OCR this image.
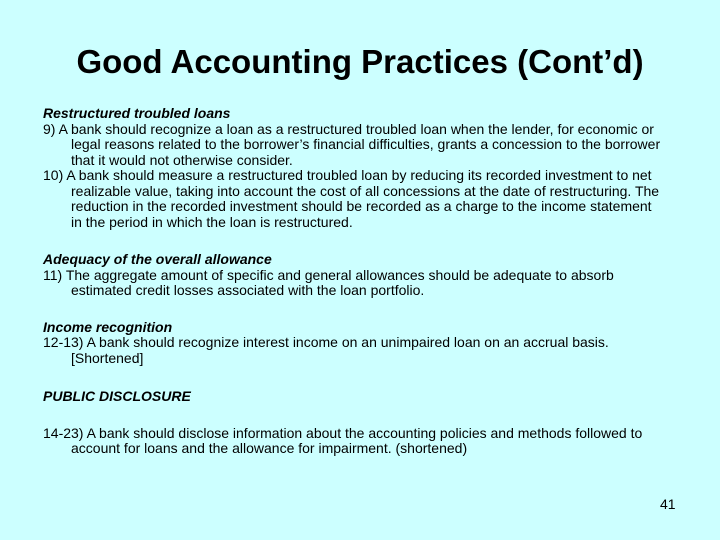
Good Accounting Practices (Cont’d)
Restructured troubled loans
9) A bank should recognize a loan as a restructured troubled loan when the lender, for economic or legal reasons related to the borrower’s financial difficulties, grants a concession to the borrower that it would not otherwise consider.
10) A bank should measure a restructured troubled loan by reducing its recorded investment to net realizable value, taking into account the cost of all concessions at the date of restructuring. The reduction in the recorded investment should be recorded as a charge to the income statement in the period in which the loan is restructured.
Adequacy of the overall allowance
11) The aggregate amount of specific and general allowances should be adequate to absorb estimated credit losses associated with the loan portfolio.
Income recognition
12-13) A bank should recognize interest income on an unimpaired loan on an accrual basis. [Shortened]
PUBLIC DISCLOSURE
14-23) A bank should disclose information about the accounting policies and methods followed to account for loans and the allowance for impairment. (shortened)
41
